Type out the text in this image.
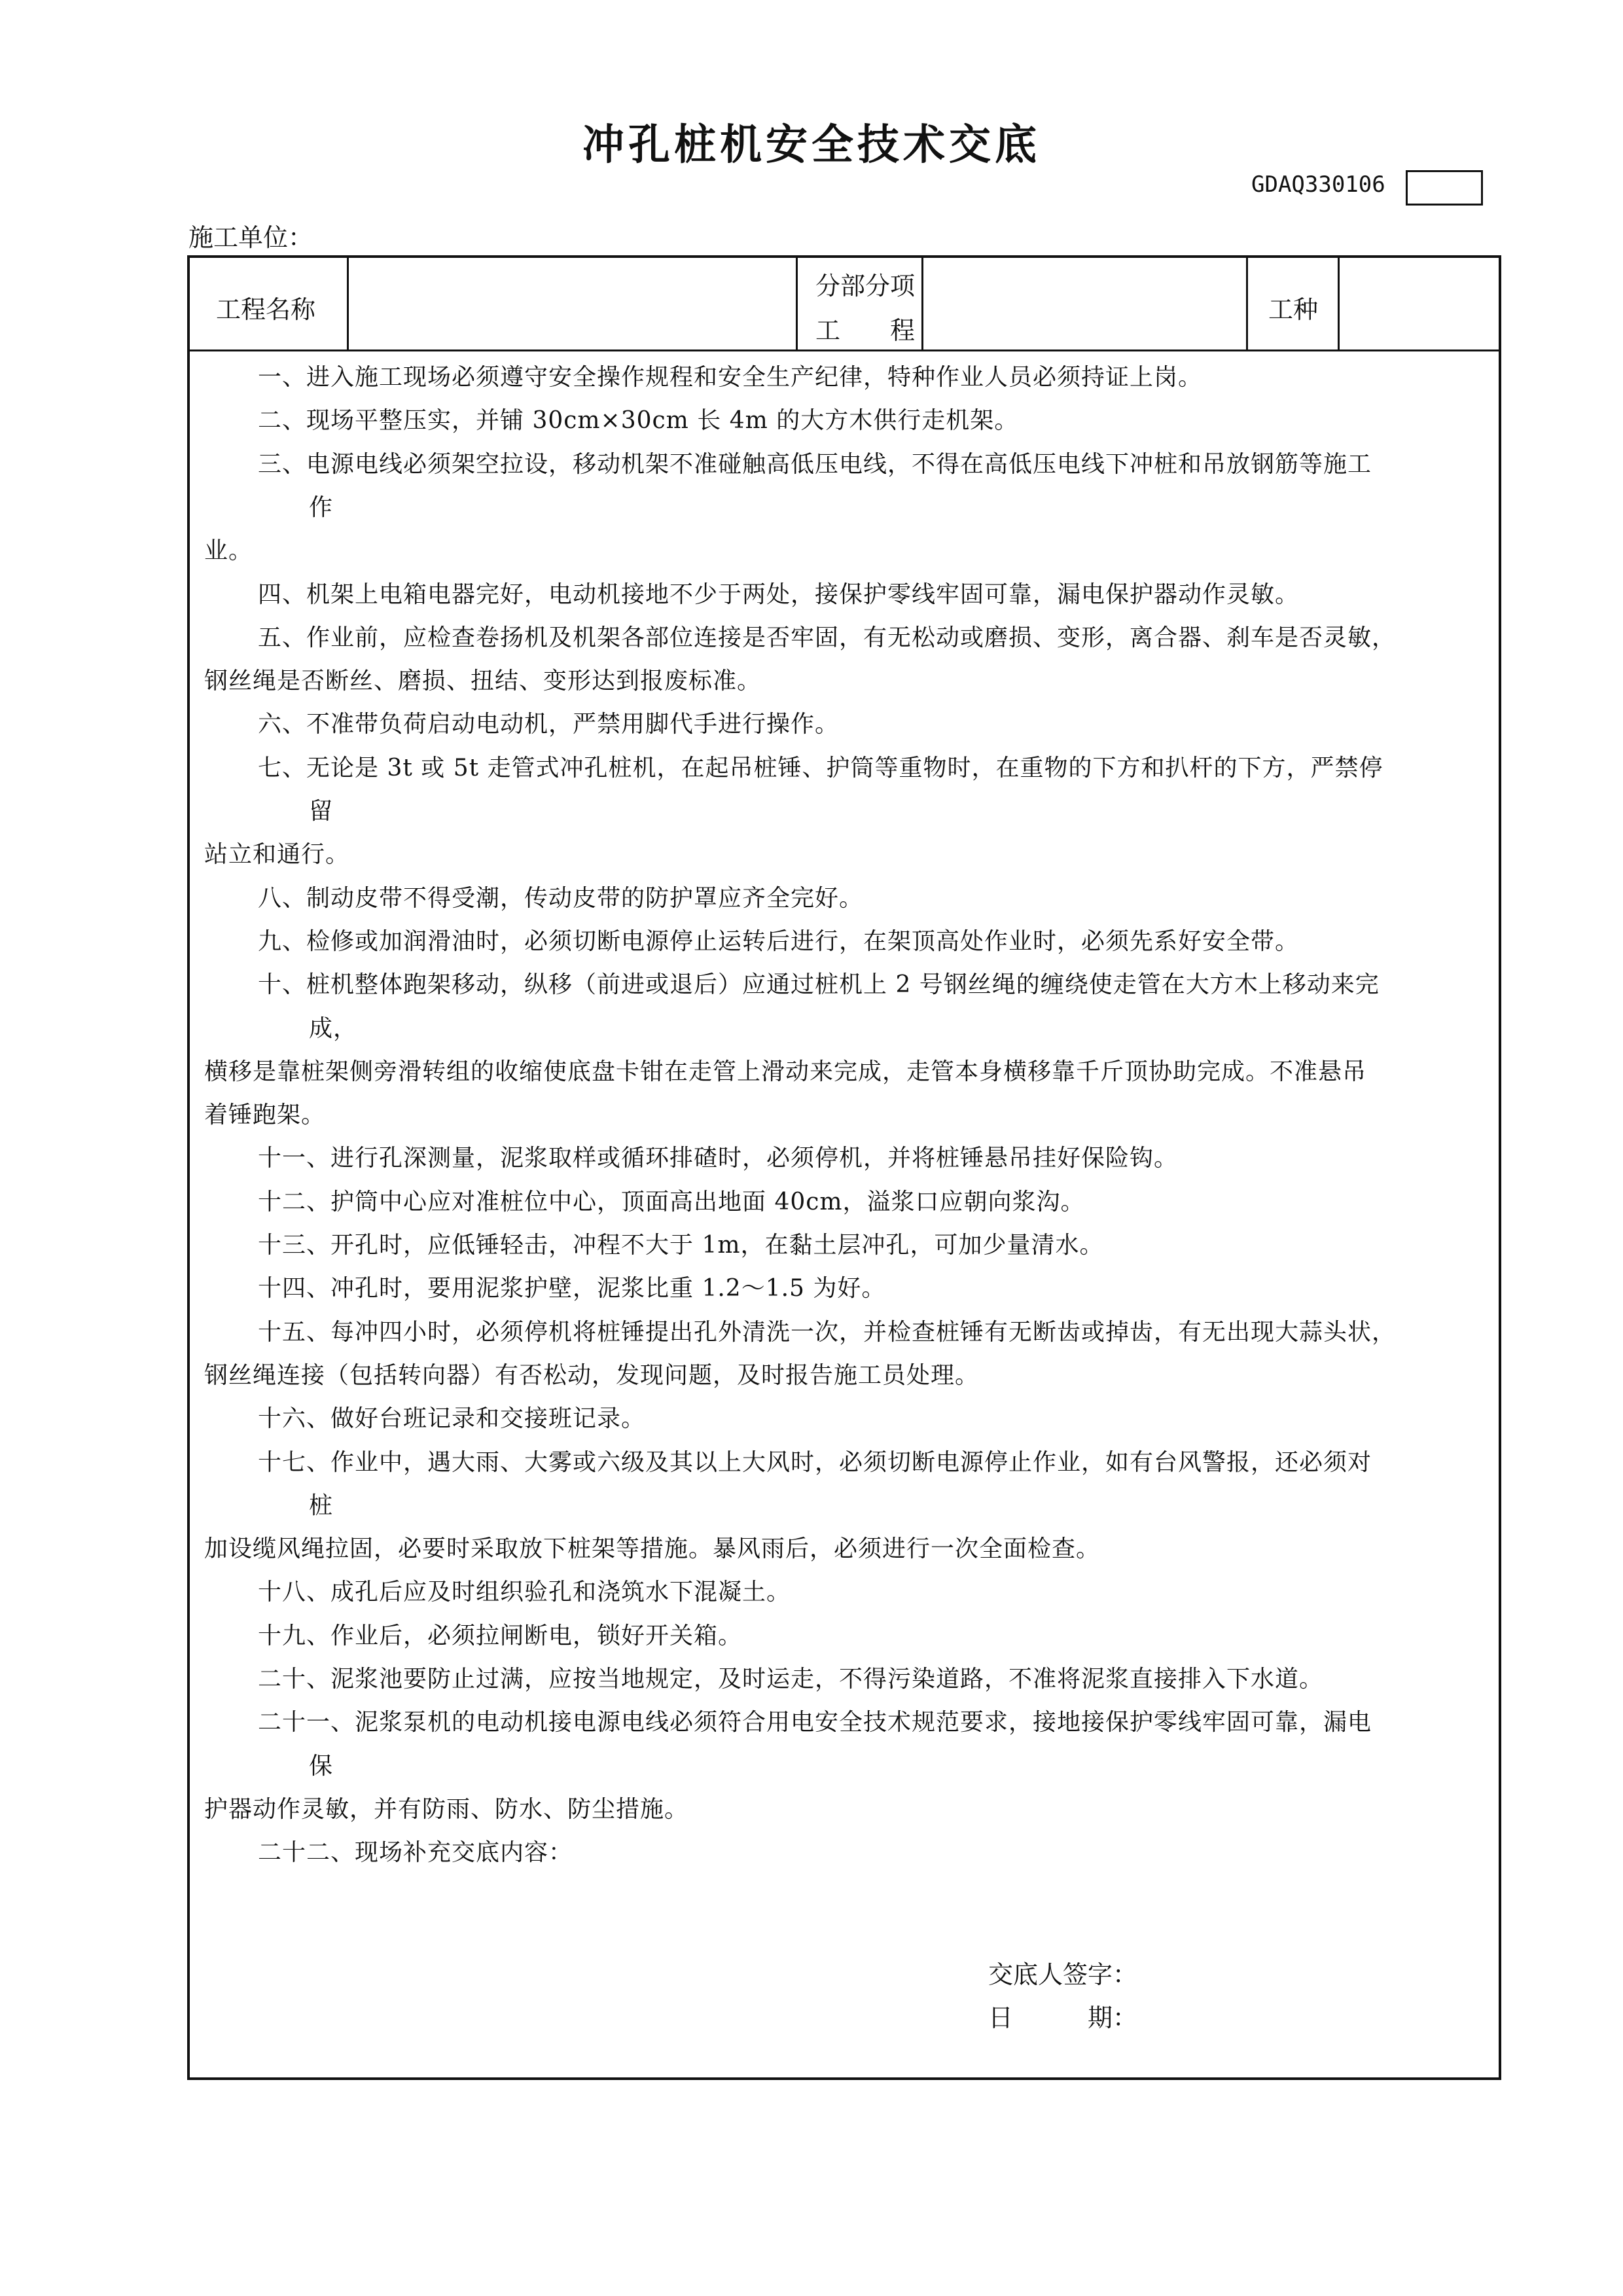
冲孔桩机安全技术交底
GDAQ330106
施工单位：
工程名称
分部分项
工　　程
工种
一、进入施工现场必须遵守安全操作规程和安全生产纪律，特种作业人员必须持证上岗。
二、现场平整压实，并铺 30cm×30cm 长 4m 的大方木供行走机架。
三、电源电线必须架空拉设，移动机架不准碰触高低压电线，不得在高低压电线下冲桩和吊放钢筋等施工
作
业。
四、机架上电箱电器完好，电动机接地不少于两处，接保护零线牢固可靠，漏电保护器动作灵敏。
五、作业前，应检查卷扬机及机架各部位连接是否牢固，有无松动或磨损、变形，离合器、刹车是否灵敏，
钢丝绳是否断丝、磨损、扭结、变形达到报废标准。
六、不准带负荷启动电动机，严禁用脚代手进行操作。
七、无论是 3t 或 5t 走管式冲孔桩机，在起吊桩锤、护筒等重物时，在重物的下方和扒杆的下方，严禁停
留
站立和通行。
八、制动皮带不得受潮，传动皮带的防护罩应齐全完好。
九、检修或加润滑油时，必须切断电源停止运转后进行，在架顶高处作业时，必须先系好安全带。
十、桩机整体跑架移动，纵移（前进或退后）应通过桩机上 2 号钢丝绳的缠绕使走管在大方木上移动来完
成，
横移是靠桩架侧旁滑转组的收缩使底盘卡钳在走管上滑动来完成，走管本身横移靠千斤顶协助完成。不准悬吊
着锤跑架。
十一、进行孔深测量，泥浆取样或循环排碴时，必须停机，并将桩锤悬吊挂好保险钩。
十二、护筒中心应对准桩位中心，顶面高出地面 40cm，溢浆口应朝向浆沟。
十三、开孔时，应低锤轻击，冲程不大于 1m，在黏土层冲孔，可加少量清水。
十四、冲孔时，要用泥浆护壁，泥浆比重 1.2～1.5 为好。
十五、每冲四小时，必须停机将桩锤提出孔外清洗一次，并检查桩锤有无断齿或掉齿，有无出现大蒜头状，
钢丝绳连接（包括转向器）有否松动，发现问题，及时报告施工员处理。
十六、做好台班记录和交接班记录。
十七、作业中，遇大雨、大雾或六级及其以上大风时，必须切断电源停止作业，如有台风警报，还必须对
桩
加设缆风绳拉固，必要时采取放下桩架等措施。暴风雨后，必须进行一次全面检查。
十八、成孔后应及时组织验孔和浇筑水下混凝土。
十九、作业后，必须拉闸断电，锁好开关箱。
二十、泥浆池要防止过满，应按当地规定，及时运走，不得污染道路，不准将泥浆直接排入下水道。
二十一、泥浆泵机的电动机接电源电线必须符合用电安全技术规范要求，接地接保护零线牢固可靠，漏电
保
护器动作灵敏，并有防雨、防水、防尘措施。
二十二、现场补充交底内容：
交底人签字：
日　　　期：
